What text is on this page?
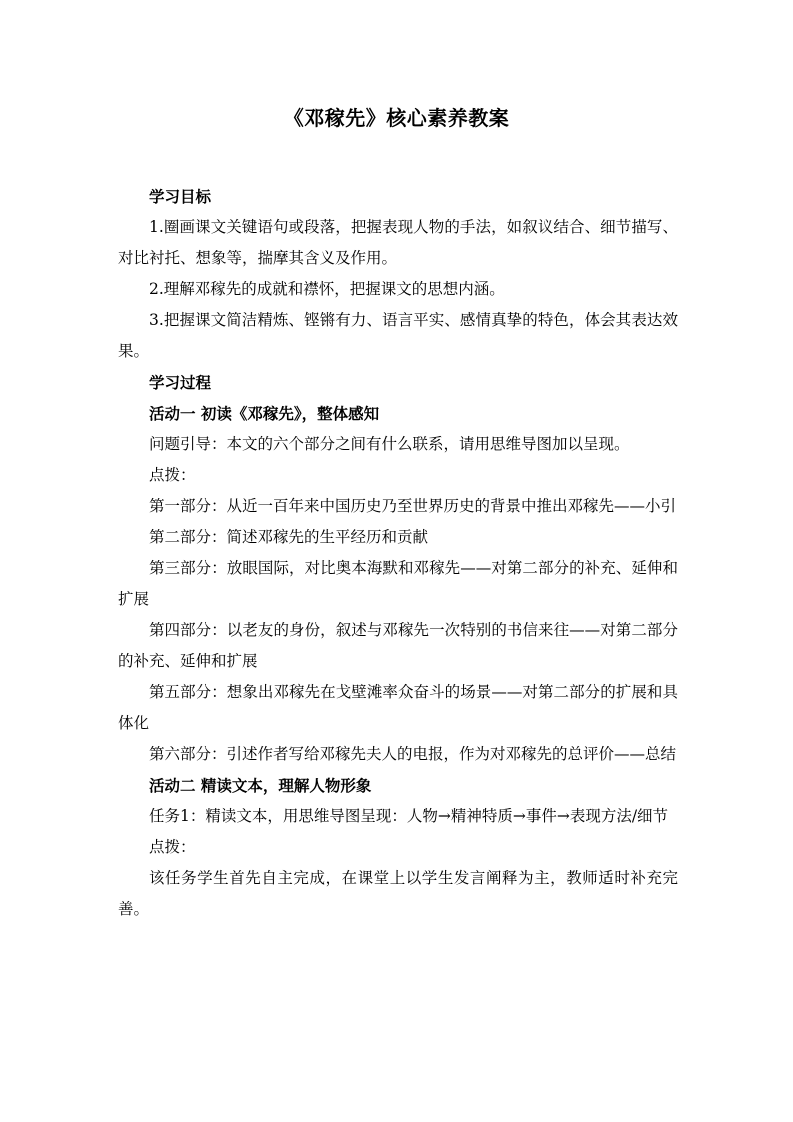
《邓稼先》核心素养教案

学习目标

1.圈画课文关键语句或段落，把握表现人物的手法，如叙议结合、细节描写、对比衬托、想象等，揣摩其含义及作用。

2.理解邓稼先的成就和襟怀，把握课文的思想内涵。

3.把握课文简洁精炼、铿锵有力、语言平实、感情真挚的特色，体会其表达效果。

学习过程

活动一 初读《邓稼先》，整体感知

问题引导：本文的六个部分之间有什么联系，请用思维导图加以呈现。

点拨：

第一部分：从近一百年来中国历史乃至世界历史的背景中推出邓稼先——小引

第二部分：简述邓稼先的生平经历和贡献

第三部分：放眼国际，对比奥本海默和邓稼先——对第二部分的补充、延伸和扩展

第四部分：以老友的身份，叙述与邓稼先一次特别的书信来往——对第二部分的补充、延伸和扩展

第五部分：想象出邓稼先在戈壁滩率众奋斗的场景——对第二部分的扩展和具体化

第六部分：引述作者写给邓稼先夫人的电报，作为对邓稼先的总评价——总结

活动二 精读文本，理解人物形象

任务1：精读文本，用思维导图呈现：人物→精神特质→事件→表现方法/细节

点拨：

该任务学生首先自主完成，在课堂上以学生发言阐释为主，教师适时补充完善。
